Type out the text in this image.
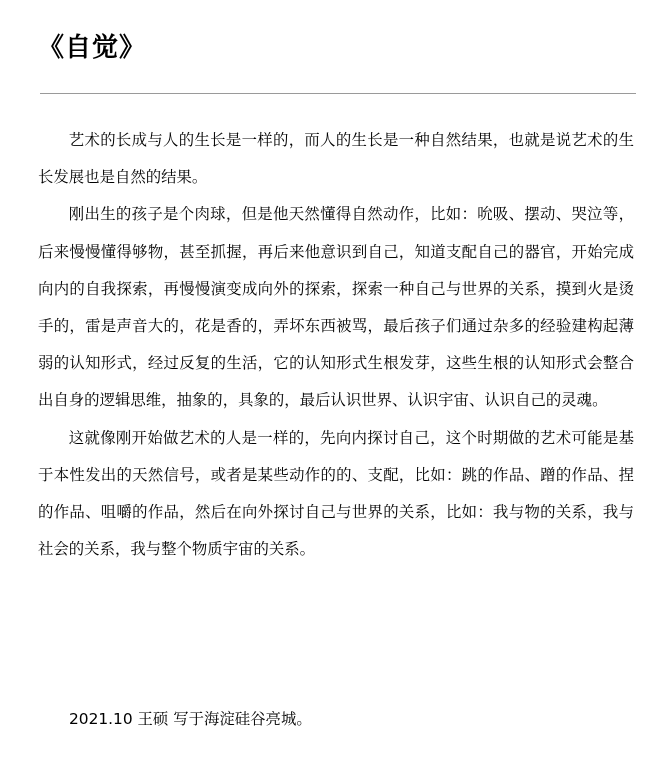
《自觉》

艺术的长成与人的生长是一样的，而人的生长是一种自然结果，也就是说艺术的生长发展也是自然的结果。

刚出生的孩子是个肉球，但是他天然懂得自然动作，比如：吮吸、摆动、哭泣等，后来慢慢懂得够物，甚至抓握，再后来他意识到自己，知道支配自己的器官，开始完成向内的自我探索，再慢慢演变成向外的探索，探索一种自己与世界的关系，摸到火是烫手的，雷是声音大的，花是香的，弄坏东西被骂，最后孩子们通过杂多的经验建构起薄弱的认知形式，经过反复的生活，它的认知形式生根发芽，这些生根的认知形式会整合出自身的逻辑思维，抽象的，具象的，最后认识世界、认识宇宙、认识自己的灵魂。

这就像刚开始做艺术的人是一样的，先向内探讨自己，这个时期做的艺术可能是基于本性发出的天然信号，或者是某些动作的的、支配，比如：跳的作品、蹭的作品、捏的作品、咀嚼的作品，然后在向外探讨自己与世界的关系，比如：我与物的关系，我与社会的关系，我与整个物质宇宙的关系。

2021.10 王硕 写于海淀硅谷亮城。
